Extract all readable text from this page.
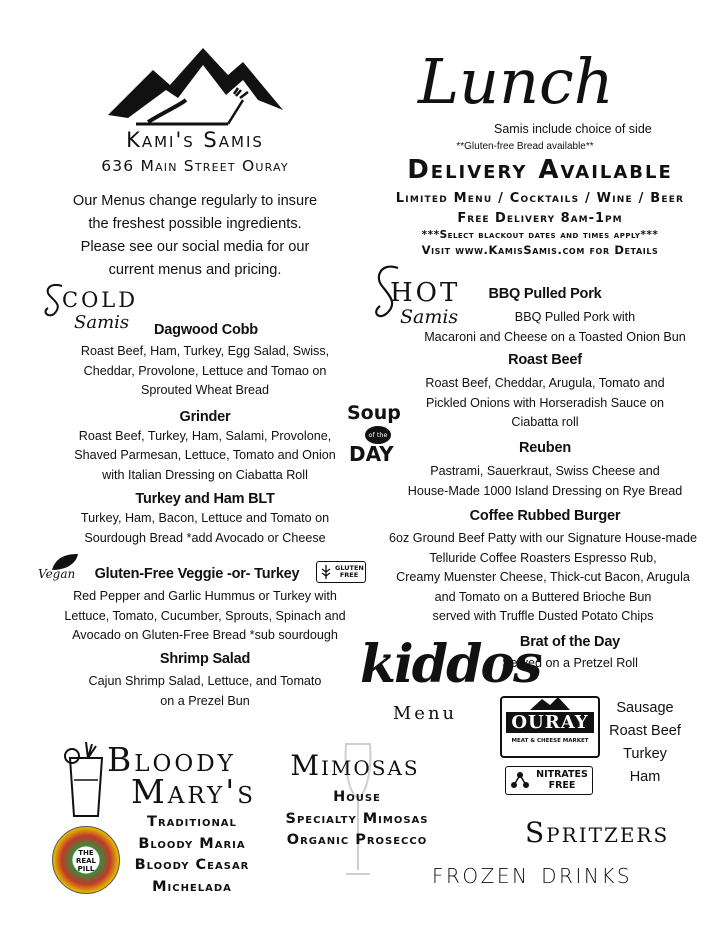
Kami's Samis
636 Main Street Ouray
Our Menus change regularly to insure
the freshest possible ingredients.
Please see our social media for our
current menus and pricing.
Lunch
Samis include choice of side
**Gluten-free Bread available**
Delivery Available
Limited Menu / Cocktails / Wine / Beer
Free Delivery 8am-1pm
***Select blackout dates and times apply***
Visit www.KamisSamis.com for Details
COLD
Samis	Dagwood Cobb
Roast Beef, Ham, Turkey, Egg Salad, Swiss,
Cheddar, Provolone, Lettuce and Tomao on
Sprouted Wheat Bread
Grinder
Roast Beef, Turkey, Ham, Salami, Provolone,
Shaved Parmesan, Lettuce, Tomato and Onion
with Italian Dressing on Ciabatta Roll
Turkey and Ham BLT
Turkey, Ham, Bacon, Lettuce and Tomato on
Sourdough Bread *add Avocado or Cheese
Vegan	Gluten-Free Veggie -or- Turkey	GLUTEN FREE
Red Pepper and Garlic Hummus or Turkey with
Lettuce, Tomato, Cucumber, Sprouts, Spinach and
Avocado on Gluten-Free Bread *sub sourdough
Shrimp Salad
Cajun Shrimp Salad, Lettuce, and Tomato
on a Prezel Bun
HOT
Samis
BBQ Pulled Pork
BBQ Pulled Pork with
Macaroni and Cheese on a Toasted Onion Bun
Roast Beef
Roast Beef, Cheddar, Arugula, Tomato and
Pickled Onions with Horseradish Sauce on
Ciabatta roll
Soup
of the
DAY	Reuben
Pastrami, Sauerkraut, Swiss Cheese and
House-Made 1000 Island Dressing on Rye Bread
Coffee Rubbed Burger
6oz Ground Beef Patty with our Signature House-made
Telluride Coffee Roasters Espresso Rub,
Creamy Muenster Cheese, Thick-cut Bacon, Arugula
and Tomato on a Buttered Brioche Bun
served with Truffle Dusted Potato Chips
Brat of the Day
Served on a Pretzel Roll
kiddos
Menu	OURAY
MEAT & CHEESE MARKET
NITRATES FREE
Sausage
Roast Beef
Turkey
Ham
Bloody
Mary's
Traditional
Bloody Maria
Bloody Ceasar
Michelada
THE REAL PILL
Mimosas
House
Specialty Mimosas
Organic Prosecco	Spritzers
frozen drinks
